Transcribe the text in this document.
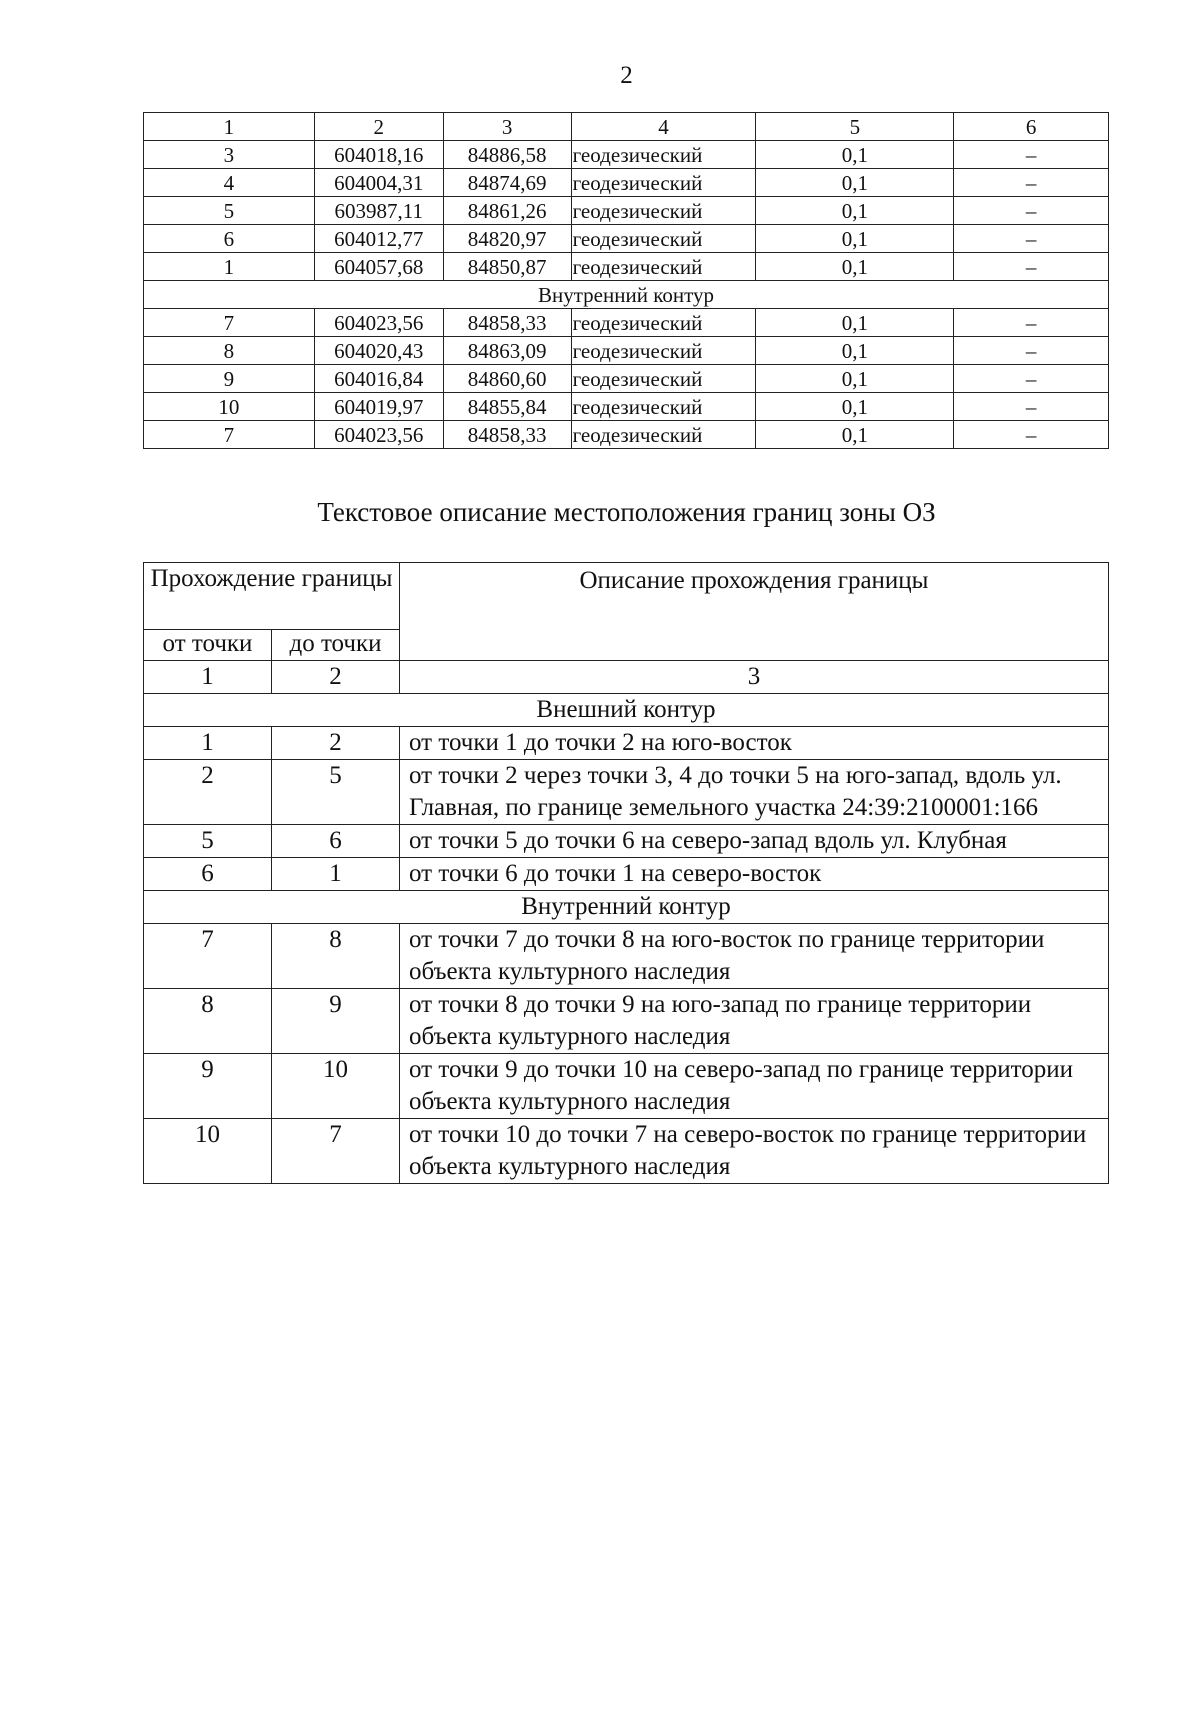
2
1	2	3	4	5	6
3	604018,16	84886,58	геодезический	0,1	–
4	604004,31	84874,69	геодезический	0,1	–
5	603987,11	84861,26	геодезический	0,1	–
6	604012,77	84820,97	геодезический	0,1	–
1	604057,68	84850,87	геодезический	0,1	–
Внутренний контур					
7	604023,56	84858,33	геодезический	0,1	–
8	604020,43	84863,09	геодезический	0,1	–
9	604016,84	84860,60	геодезический	0,1	–
10	604019,97	84855,84	геодезический	0,1	–
7	604023,56	84858,33	геодезический	0,1	–
Текстовое описание местоположения границ зоны ОЗ
Прохождение границы		Описание прохождения границы
от точки	до точки	
1	2	3
Внешний контур		
1	2	от точки 1 до точки 2 на юго-восток
2	5	от точки 2 через точки 3, 4 до точки 5 на юго-запад, вдоль ул. Главная, по границе земельного участка 24:39:2100001:166
5	6	от точки 5 до точки 6 на северо-запад вдоль ул. Клубная
6	1	от точки 6 до точки 1 на северо-восток
Внутренний контур		
7	8	от точки 7 до точки 8 на юго-восток по границе территории объекта культурного наследия
8	9	от точки 8 до точки 9 на юго-запад по границе территории объекта культурного наследия
9	10	от точки 9 до точки 10 на северо-запад по границе территории объекта культурного наследия
10	7	от точки 10 до точки 7 на северо-восток по границе территории объекта культурного наследия
